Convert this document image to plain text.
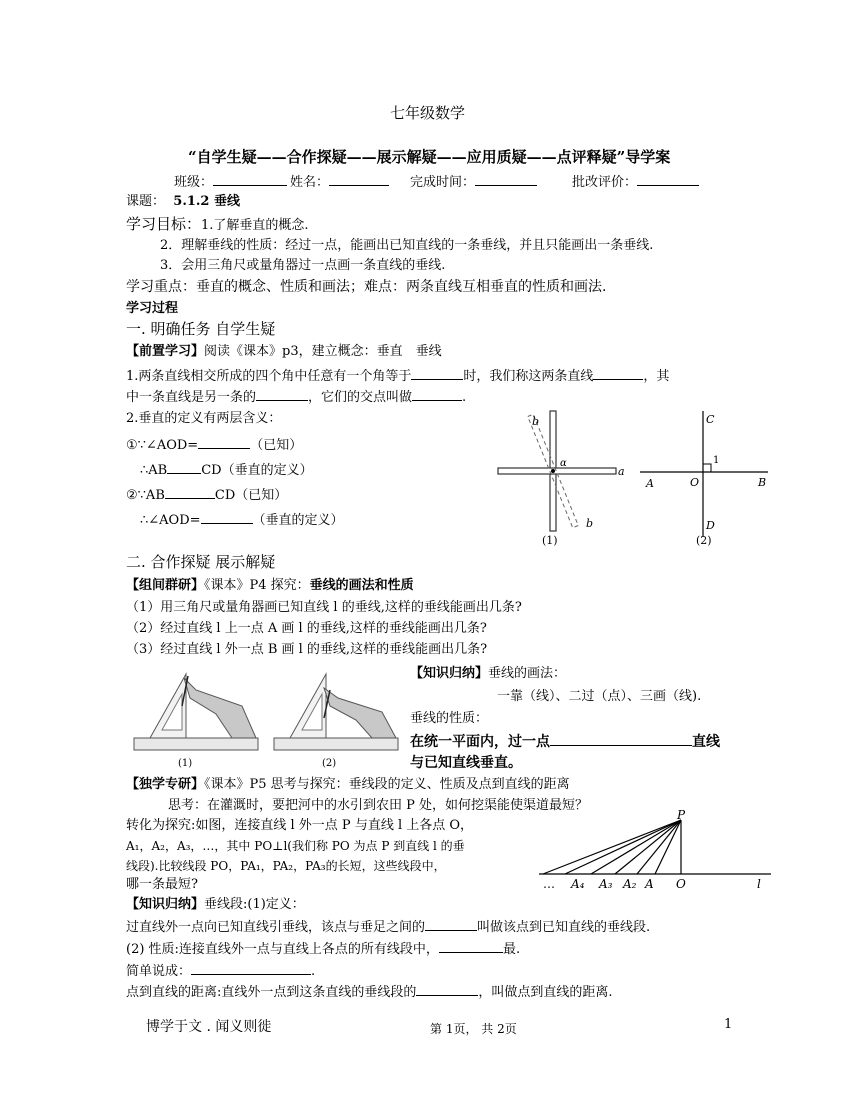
七年级数学
“自学生疑——合作探疑——展示解疑——应用质疑——点评释疑”导学案
班级：	姓名：	完成时间：	批改评价：
课题： 5.1.2 垂线
学习目标：1.了解垂直的概念.
2．理解垂线的性质：经过一点，能画出已知直线的一条垂线，并且只能画出一条垂线.
3．会用三角尺或量角器过一点画一条直线的垂线.
学习重点：垂直的概念、性质和画法；难点：两条直线互相垂直的性质和画法.
学习过程
一. 明确任务 自学生疑
【前置学习】阅读《课本》p3，建立概念：垂直　垂线
1.两条直线相交所成的四个角中任意有一个角等于	时，我们称这两条直线	，其
中一条直线是另一条的	，它们的交点叫做	.
2.垂直的定义有两层含义：
①∵∠AOD=	（已知）
∴AB	CD（垂直的定义）
②∵AB	CD（已知）
∴∠AOD=	（垂直的定义）
b
a
α
b
(1)
C
1
A	O	B
D
(2)
二. 合作探疑 展示解疑
【组间群研】《课本》P4 探究：垂线的画法和性质
（1）用三角尺或量角器画已知直线 l 的垂线,这样的垂线能画出几条?
（2）经过直线 l 上一点 A 画 l 的垂线,这样的垂线能画出几条?
（3）经过直线 l 外一点 B 画 l 的垂线,这样的垂线能画出几条?
(1)	(2)
【知识归纳】垂线的画法：
一靠（线）、二过（点）、三画（线).
垂线的性质：
在统一平面内，过一点	直线
与已知直线垂直。
【独学专研】《课本》P5 思考与探究：垂线段的定义、性质及点到直线的距离
思考：在灌溉时，要把河中的水引到农田 P 处，如何挖渠能使渠道最短？
转化为探究:如图，连接直线 l 外一点 P 与直线 l 上各点 O，
A₁，A₂，A₃，…，其中 PO⊥l(我们称 PO 为点 P 到直线 l 的垂
线段).比较线段 PO，PA₁，PA₂，PA₃的长短，这些线段中，
哪一条最短?
P
… A₄ A₃ A₂ A O	l
【知识归纳】垂线段:(1)定义：
过直线外一点向已知直线引垂线，该点与垂足之间的	叫做该点到已知直线的垂线段.
(2) 性质:连接直线外一点与直线上各点的所有线段中，	最.
简单说成：	.
点到直线的距离:直线外一点到这条直线的垂线段的	，叫做点到直线的距离.
博学于文 . 闻义则徙	第 1页， 共 2页	1
